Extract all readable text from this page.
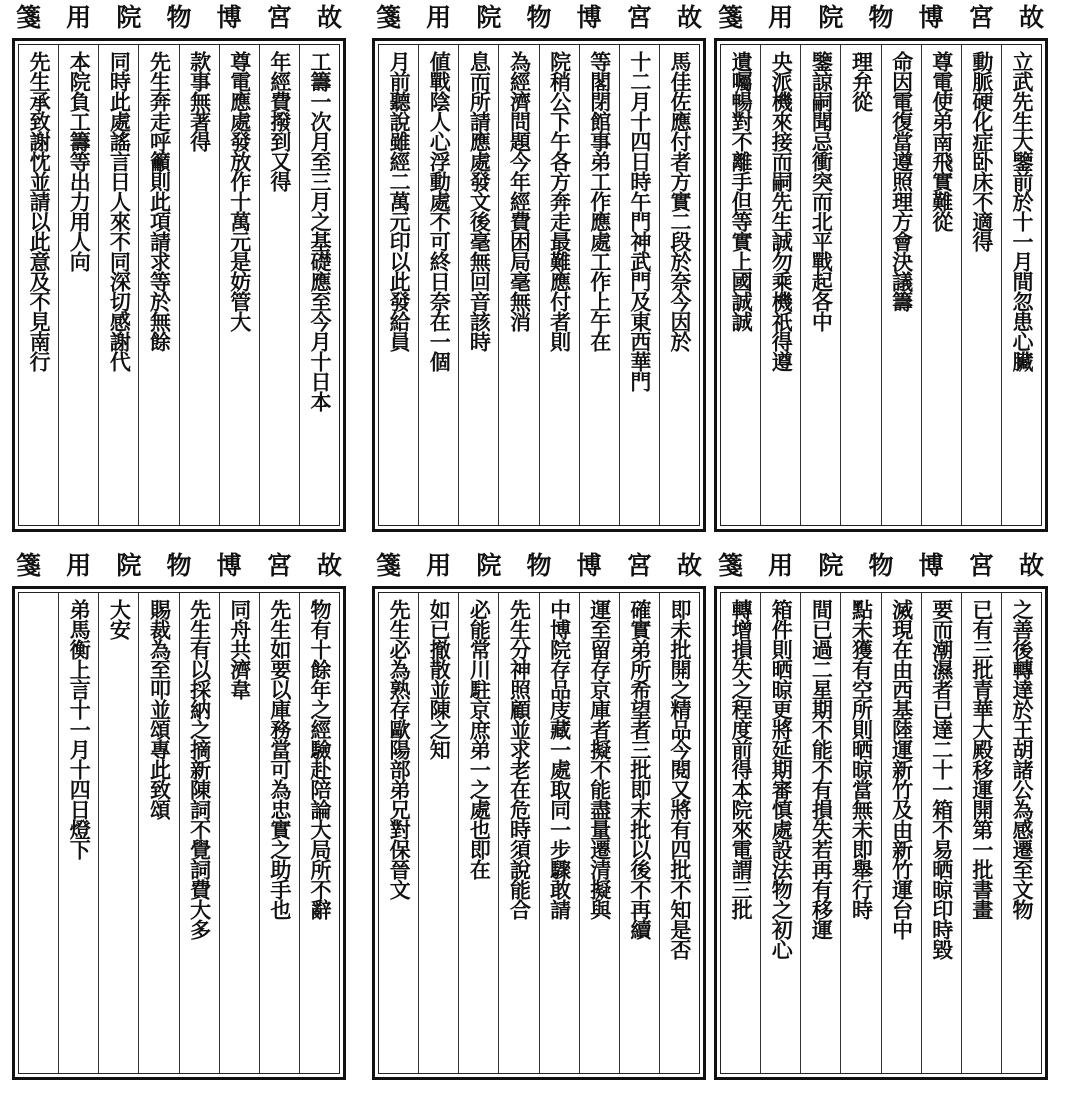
故
宮
博
物
院
用
箋
立武先生大鑒前於十一月間忽患心臟
動脈硬化症卧床不適得
尊電使弟南飛實難從
命因電復當遵照理方會決議籌
理弁從
鑒諒嗣聞忌衝突而北平戰起各中
央派機來接而嗣先生誠勿乘機祇得遵
遺囑暢對不離手但等實上國誠誠
故
宮
博
物
院
用
箋
馬佳佐應付者方實二段於奈今因於
十二月十四日時午門神武門及東西華門
等閣閉館事弟工作應處工作上午在
院稍公下午各方奔走最難應付者則
為經濟問題今年經費困局毫無消
息而所請應處發文後毫無回音該時
値戰陰人心浮動處不可終日奈在一個
月前聽說雖經二萬元印以此發給員
故
宮
博
物
院
用
箋
工籌一次月至三月之基礎應至今月十日本
年經費撥到又得
尊電應處發放作十萬元是妨管大
款事無著得
先生奔走呼籲則此項請求等於無餘
同時此處謠言日人來不同深切感謝代
本院負工籌等出力用人向
先生承致謝忱並請以此意及不見南行
故
宮
博
物
院
用
箋
之善後轉達於王胡諸公為感遷至文物
已有三批青華大殿移運開第一批書畫
要而潮濕者已達二十一箱不易晒晾印時毀
滅現在由西基陸運新竹及由新竹運台中
點未獲有空所則晒晾當無未即舉行時
間已過二星期不能不有損失若再有移運
箱件則晒晾更將延期審慎處設法物之初心
轉增損失之程度前得本院來電謂三批
故
宮
博
物
院
用
箋
即未批開之精品今閱又將有四批不知是否
確實弟所希望者三批即末批以後不再續
運至留存京庫者擬不能盡量遷清擬與
中博院存品庋藏一處取同一步驟敢請
先生分神照顧並求老在危時須說能合
必能常川駐京庶弟一之處也即在
如已撤散並陳之知
先生必為熟存歐陽部弟兄對保晉文
故
宮
博
物
院
用
箋
物有十餘年之經驗赴陪論大局所不辭
先生如要以庫務當可為忠實之助手也
同舟共濟韋
先生有以採納之摘新陳詞不覺詞費大多
賜裁為至叩並頌專此致頌
大安
弟馬衡上言十一月十四日燈下
